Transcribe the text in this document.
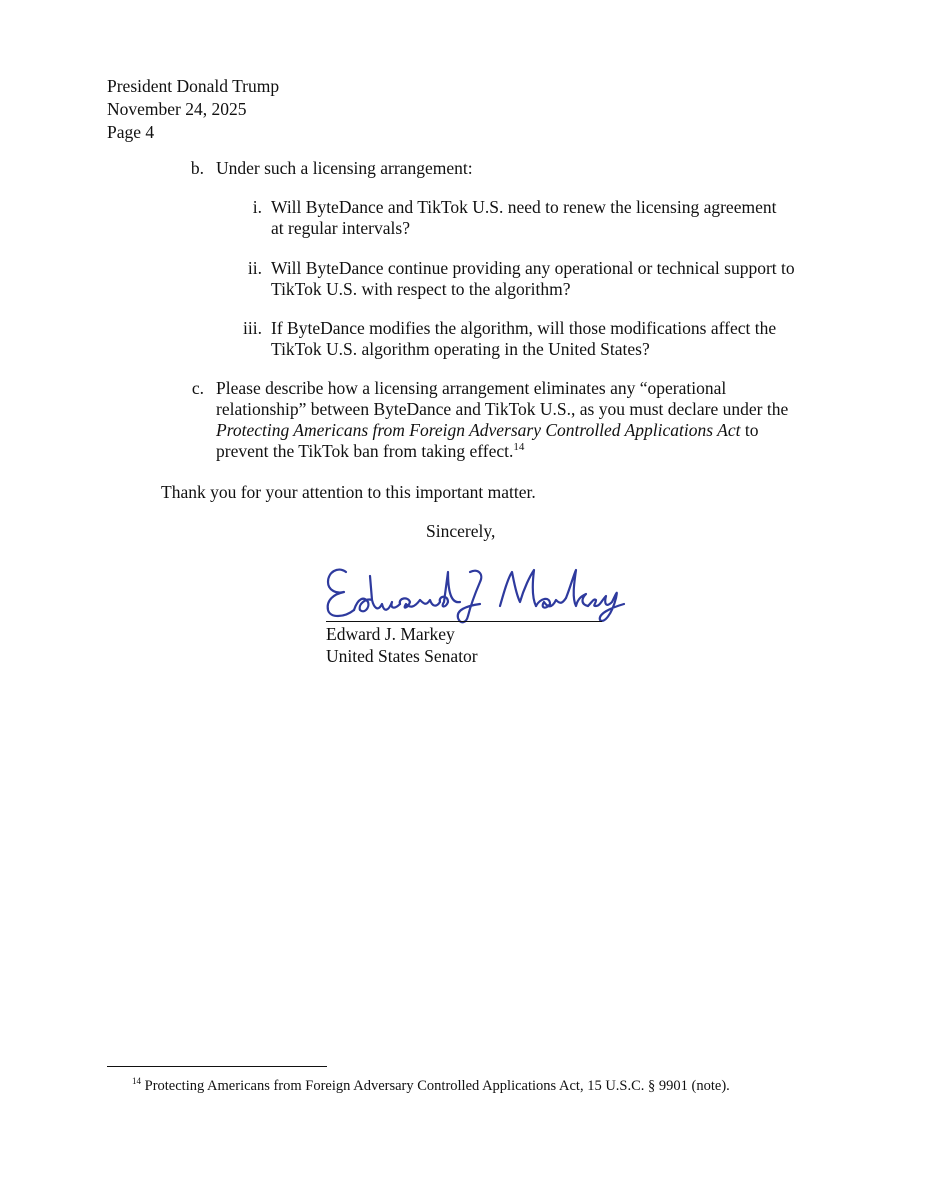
President Donald Trump
November 24, 2025
Page 4
b. Under such a licensing arrangement:
i. Will ByteDance and TikTok U.S. need to renew the licensing agreement
at regular intervals?
ii. Will ByteDance continue providing any operational or technical support to
TikTok U.S. with respect to the algorithm?
iii. If ByteDance modifies the algorithm, will those modifications affect the
TikTok U.S. algorithm operating in the United States?
c. Please describe how a licensing arrangement eliminates any “operational
relationship” between ByteDance and TikTok U.S., as you must declare under the
Protecting Americans from Foreign Adversary Controlled Applications Act to
prevent the TikTok ban from taking effect.$^{14}$
Thank you for your attention to this important matter.
Sincerely,
Edward J. Markey
United States Senator
$^{14}$ Protecting Americans from Foreign Adversary Controlled Applications Act, 15 U.S.C. § 9901 (note).
